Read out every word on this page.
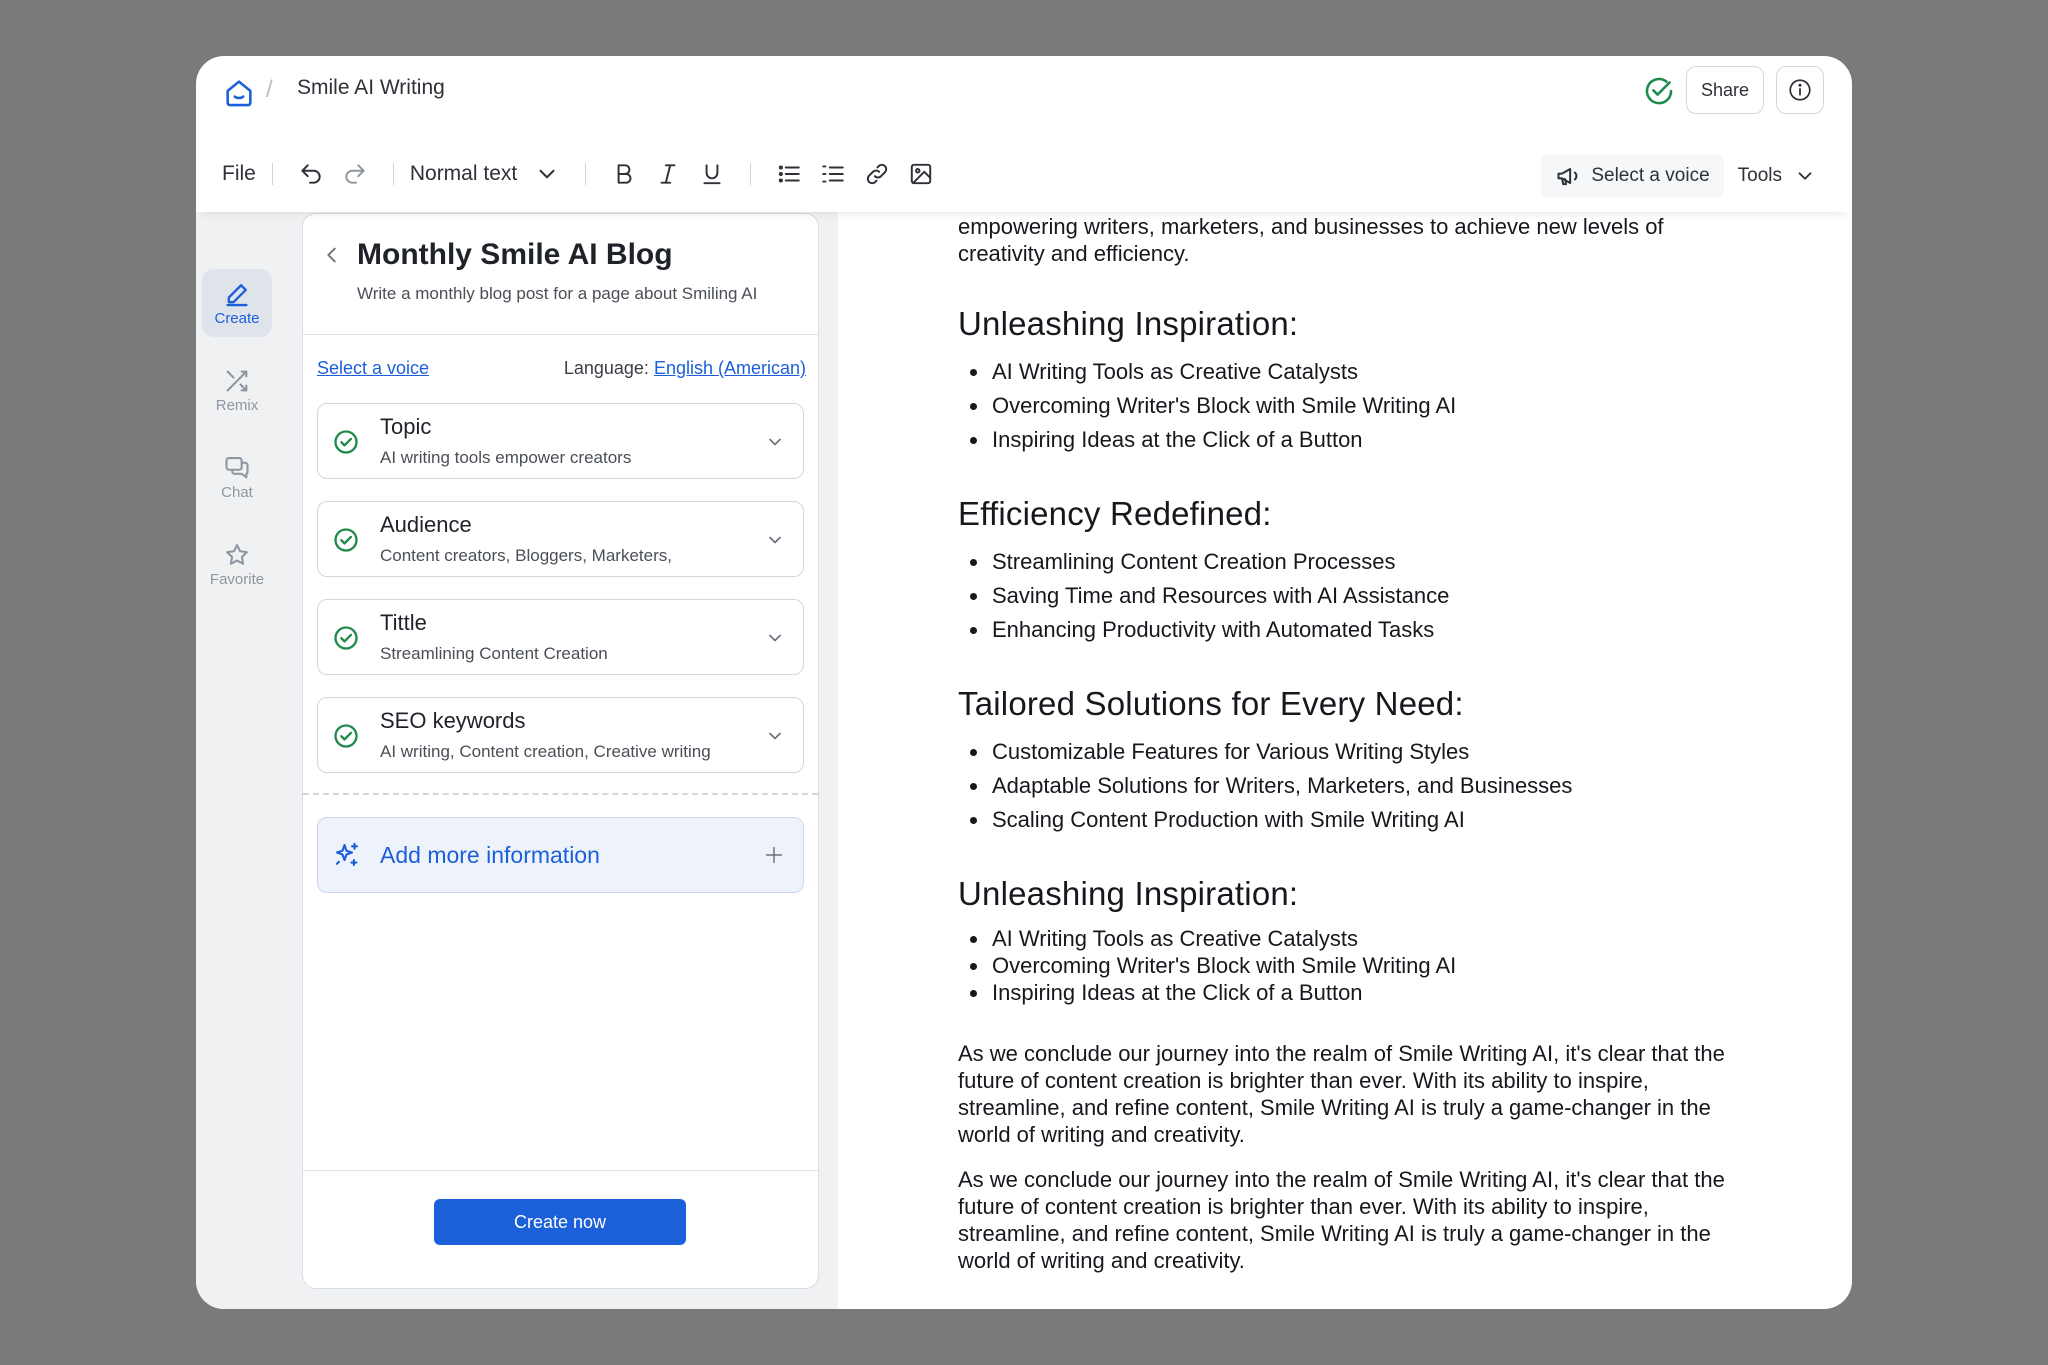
/ Smile AI Writing	Share
File	Normal text	Select a voice Tools
Create
Remix
Chat
Favorite
Monthly Smile AI Blog
Write a monthly blog post for a page about Smiling AI
Select a voice	Language: English (American)
Topic
AI writing tools empower creators
Audience
Content creators, Bloggers, Marketers,
Tittle
Streamlining Content Creation
SEO keywords
AI writing, Content creation, Creative writing
Add more information
Create now

empowering writers, marketers, and businesses to achieve new levels of creativity and efficiency.

Unleashing Inspiration:
AI Writing Tools as Creative Catalysts
Overcoming Writer's Block with Smile Writing AI
Inspiring Ideas at the Click of a Button
Efficiency Redefined:
Streamlining Content Creation Processes
Saving Time and Resources with AI Assistance
Enhancing Productivity with Automated Tasks
Tailored Solutions for Every Need:
Customizable Features for Various Writing Styles
Adaptable Solutions for Writers, Marketers, and Businesses
Scaling Content Production with Smile Writing AI
Unleashing Inspiration:
AI Writing Tools as Creative Catalysts
Overcoming Writer's Block with Smile Writing AI
Inspiring Ideas at the Click of a Button

As we conclude our journey into the realm of Smile Writing AI, it's clear that the future of content creation is brighter than ever. With its ability to inspire, streamline, and refine content, Smile Writing AI is truly a game-changer in the world of writing and creativity.

As we conclude our journey into the realm of Smile Writing AI, it's clear that the future of content creation is brighter than ever. With its ability to inspire, streamline, and refine content, Smile Writing AI is truly a game-changer in the world of writing and creativity.
